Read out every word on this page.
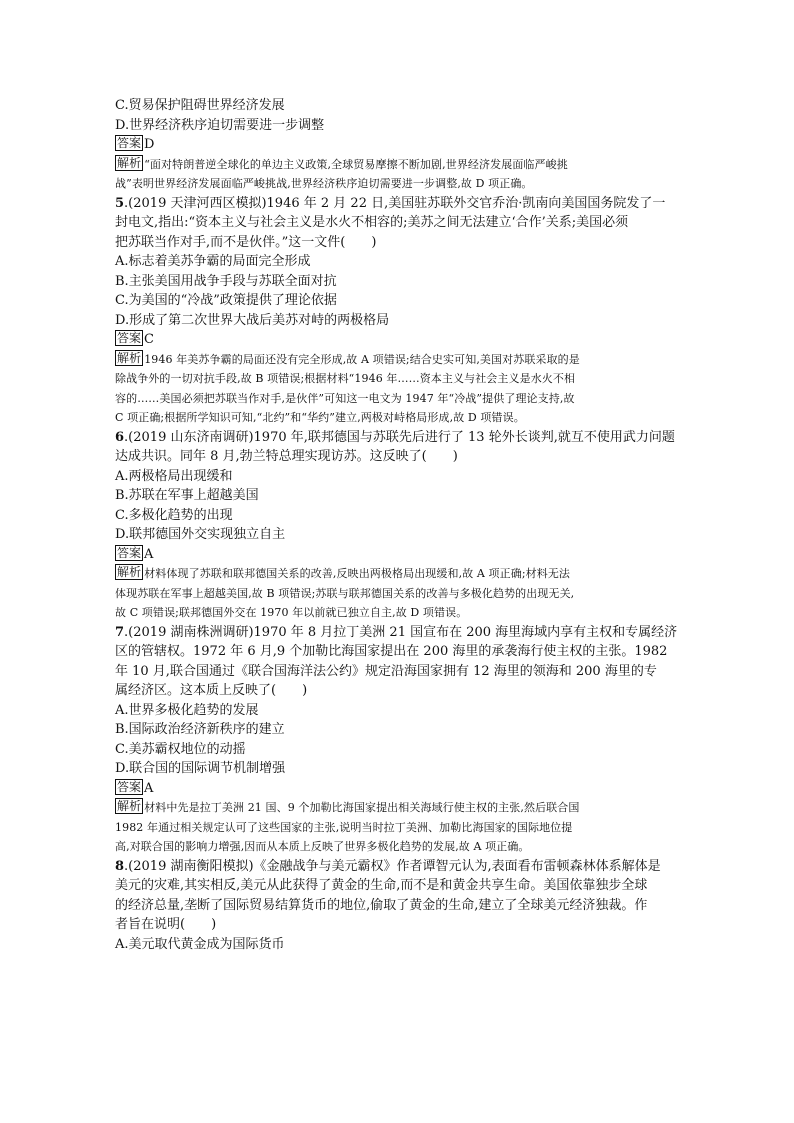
C.贸易保护阻碍世界经济发展
D.世界经济秩序迫切需要进一步调整
答案 D
解析 “面对特朗普逆全球化的单边主义政策,全球贸易摩擦不断加剧,世界经济发展面临严峻挑
战”表明世界经济发展面临严峻挑战,世界经济秩序迫切需要进一步调整,故 D 项正确。
5.(2019 天津河西区模拟)1946 年 2 月 22 日,美国驻苏联外交官乔治·凯南向美国国务院发了一
封电文,指出:“资本主义与社会主义是水火不相容的;美苏之间无法建立‘合作’关系;美国必须
把苏联当作对手,而不是伙伴。”这一文件(　　)
A.标志着美苏争霸的局面完全形成
B.主张美国用战争手段与苏联全面对抗
C.为美国的“冷战”政策提供了理论依据
D.形成了第二次世界大战后美苏对峙的两极格局
答案 C
解析 1946 年美苏争霸的局面还没有完全形成,故 A 项错误;结合史实可知,美国对苏联采取的是
除战争外的一切对抗手段,故 B 项错误;根据材料“1946 年……资本主义与社会主义是水火不相
容的……美国必须把苏联当作对手,是伙伴”可知这一电文为 1947 年“冷战”提供了理论支持,故
C 项正确;根据所学知识可知,“北约”和“华约”建立,两极对峙格局形成,故 D 项错误。
6.(2019 山东济南调研)1970 年,联邦德国与苏联先后进行了 13 轮外长谈判,就互不使用武力问题
达成共识。同年 8 月,勃兰特总理实现访苏。这反映了(　　)
A.两极格局出现缓和
B.苏联在军事上超越美国
C.多极化趋势的出现
D.联邦德国外交实现独立自主
答案 A
解析 材料体现了苏联和联邦德国关系的改善,反映出两极格局出现缓和,故 A 项正确;材料无法
体现苏联在军事上超越美国,故 B 项错误;苏联与联邦德国关系的改善与多极化趋势的出现无关,
故 C 项错误;联邦德国外交在 1970 年以前就已独立自主,故 D 项错误。
7.(2019 湖南株洲调研)1970 年 8 月拉丁美洲 21 国宣布在 200 海里海域内享有主权和专属经济
区的管辖权。1972 年 6 月,9 个加勒比海国家提出在 200 海里的承袭海行使主权的主张。1982
年 10 月,联合国通过《联合国海洋法公约》规定沿海国家拥有 12 海里的领海和 200 海里的专
属经济区。这本质上反映了(　　)
A.世界多极化趋势的发展
B.国际政治经济新秩序的建立
C.美苏霸权地位的动摇
D.联合国的国际调节机制增强
答案 A
解析 材料中先是拉丁美洲 21 国、9 个加勒比海国家提出相关海域行使主权的主张,然后联合国
1982 年通过相关规定认可了这些国家的主张,说明当时拉丁美洲、加勒比海国家的国际地位提
高,对联合国的影响力增强,因而从本质上反映了世界多极化趋势的发展,故 A 项正确。
8.(2019 湖南衡阳模拟)《金融战争与美元霸权》作者谭智元认为,表面看布雷顿森林体系解体是
美元的灾难,其实相反,美元从此获得了黄金的生命,而不是和黄金共享生命。美国依靠独步全球
的经济总量,垄断了国际贸易结算货币的地位,偷取了黄金的生命,建立了全球美元经济独裁。作
者旨在说明(　　)
A.美元取代黄金成为国际货币
